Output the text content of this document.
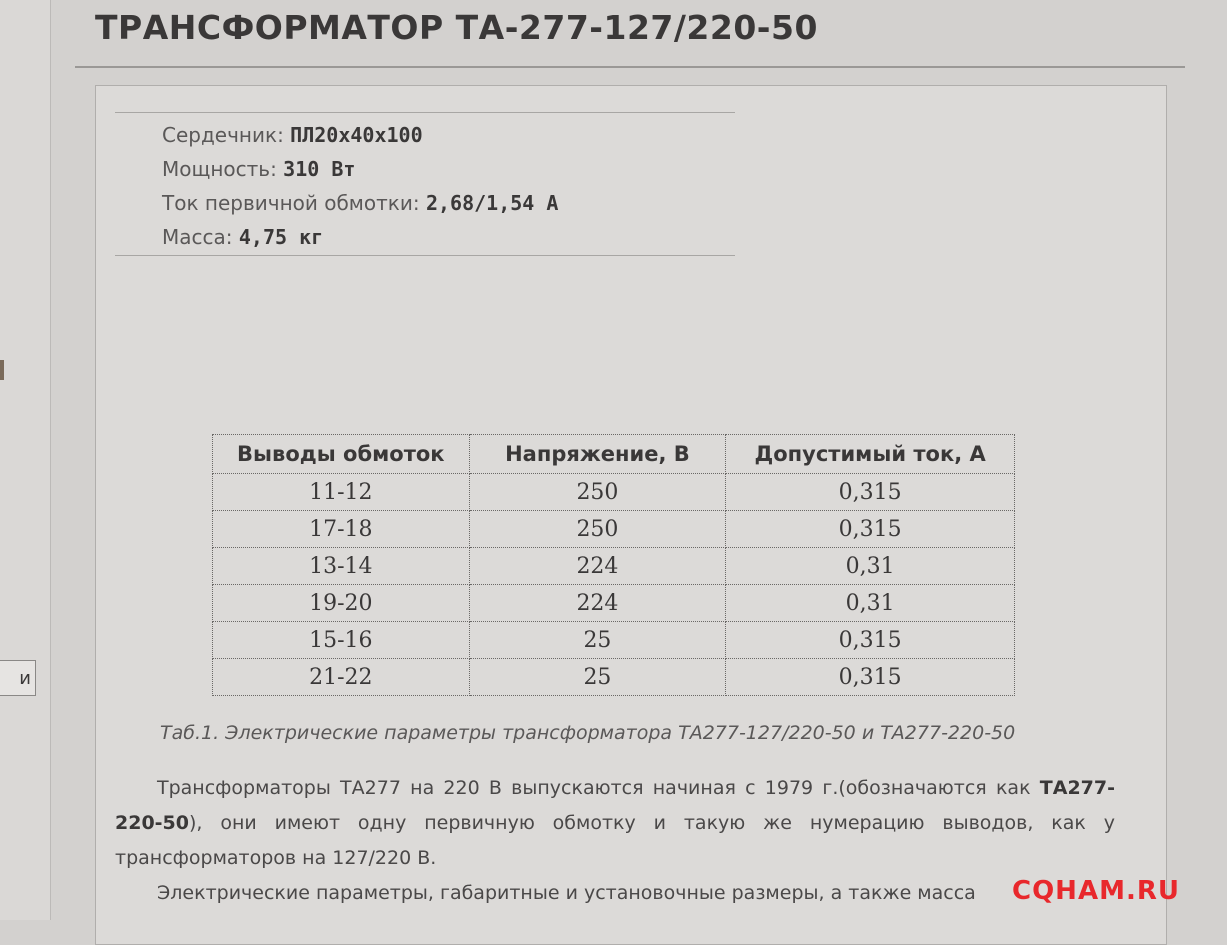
и
ТРАНСФОРМАТОР ТА-277-127/220-50
Сердечник: ПЛ20х40х100
Мощность: 310 Вт
Ток первичной обмотки: 2,68/1,54 А
Масса: 4,75 кг
Выводы обмоток	Напряжение, В	Допустимый ток, А
11-12	250	0,315
17-18	250	0,315
13-14	224	0,31
19-20	224	0,31
15-16	25	0,315
21-22	25	0,315
Таб.1. Электрические параметры трансформатора ТА277-127/220-50 и ТА277-220-50

Трансформаторы ТА277 на 220 В выпускаются начиная с 1979 г.(обозначаются как ТА277-220-50), они имеют одну первичную обмотку и такую же нумерацию выводов, как у трансформаторов на 127/220 В.

Электрические параметры, габаритные и установочные размеры, а также масса	CQHAM.RU
